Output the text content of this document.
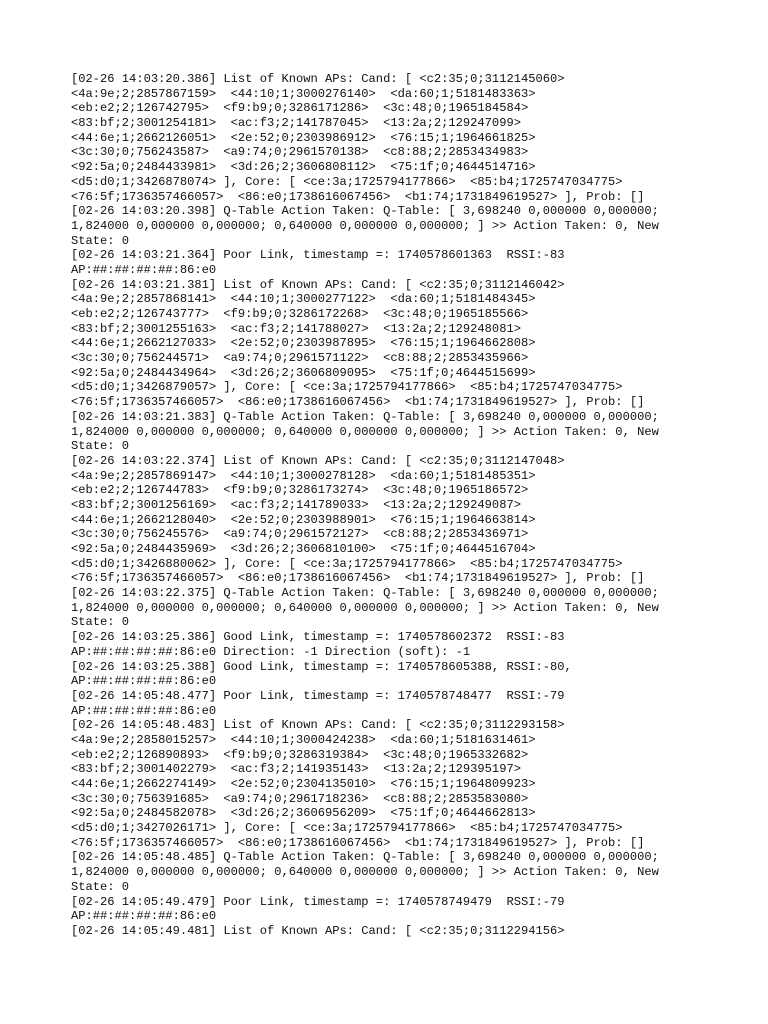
[02-26 14:03:20.386] List of Known APs: Cand: [ <c2:35;0;3112145060>
<4a:9e;2;2857867159>  <44:10;1;3000276140>  <da:60;1;5181483363>
<eb:e2;2;126742795>  <f9:b9;0;3286171286>  <3c:48;0;1965184584>
<83:bf;2;3001254181>  <ac:f3;2;141787045>  <13:2a;2;129247099>
<44:6e;1;2662126051>  <2e:52;0;2303986912>  <76:15;1;1964661825>
<3c:30;0;756243587>  <a9:74;0;2961570138>  <c8:88;2;2853434983>
<92:5a;0;2484433981>  <3d:26;2;3606808112>  <75:1f;0;4644514716>
<d5:d0;1;3426878074> ], Core: [ <ce:3a;1725794177866>  <85:b4;1725747034775>
<76:5f;1736357466057>  <86:e0;1738616067456>  <b1:74;1731849619527> ], Prob: []
[02-26 14:03:20.398] Q-Table Action Taken: Q-Table: [ 3,698240 0,000000 0,000000;
1,824000 0,000000 0,000000; 0,640000 0,000000 0,000000; ] >> Action Taken: 0, New
State: 0
[02-26 14:03:21.364] Poor Link, timestamp =: 1740578601363  RSSI:-83
AP:##:##:##:##:86:e0
[02-26 14:03:21.381] List of Known APs: Cand: [ <c2:35;0;3112146042>
<4a:9e;2;2857868141>  <44:10;1;3000277122>  <da:60;1;5181484345>
<eb:e2;2;126743777>  <f9:b9;0;3286172268>  <3c:48;0;1965185566>
<83:bf;2;3001255163>  <ac:f3;2;141788027>  <13:2a;2;129248081>
<44:6e;1;2662127033>  <2e:52;0;2303987895>  <76:15;1;1964662808>
<3c:30;0;756244571>  <a9:74;0;2961571122>  <c8:88;2;2853435966>
<92:5a;0;2484434964>  <3d:26;2;3606809095>  <75:1f;0;4644515699>
<d5:d0;1;3426879057> ], Core: [ <ce:3a;1725794177866>  <85:b4;1725747034775>
<76:5f;1736357466057>  <86:e0;1738616067456>  <b1:74;1731849619527> ], Prob: []
[02-26 14:03:21.383] Q-Table Action Taken: Q-Table: [ 3,698240 0,000000 0,000000;
1,824000 0,000000 0,000000; 0,640000 0,000000 0,000000; ] >> Action Taken: 0, New
State: 0
[02-26 14:03:22.374] List of Known APs: Cand: [ <c2:35;0;3112147048>
<4a:9e;2;2857869147>  <44:10;1;3000278128>  <da:60;1;5181485351>
<eb:e2;2;126744783>  <f9:b9;0;3286173274>  <3c:48;0;1965186572>
<83:bf;2;3001256169>  <ac:f3;2;141789033>  <13:2a;2;129249087>
<44:6e;1;2662128040>  <2e:52;0;2303988901>  <76:15;1;1964663814>
<3c:30;0;756245576>  <a9:74;0;2961572127>  <c8:88;2;2853436971>
<92:5a;0;2484435969>  <3d:26;2;3606810100>  <75:1f;0;4644516704>
<d5:d0;1;3426880062> ], Core: [ <ce:3a;1725794177866>  <85:b4;1725747034775>
<76:5f;1736357466057>  <86:e0;1738616067456>  <b1:74;1731849619527> ], Prob: []
[02-26 14:03:22.375] Q-Table Action Taken: Q-Table: [ 3,698240 0,000000 0,000000;
1,824000 0,000000 0,000000; 0,640000 0,000000 0,000000; ] >> Action Taken: 0, New
State: 0
[02-26 14:03:25.386] Good Link, timestamp =: 1740578602372  RSSI:-83
AP:##:##:##:##:86:e0 Direction: -1 Direction (soft): -1
[02-26 14:03:25.388] Good Link, timestamp =: 1740578605388, RSSI:-80,
AP:##:##:##:##:86:e0
[02-26 14:05:48.477] Poor Link, timestamp =: 1740578748477  RSSI:-79
AP:##:##:##:##:86:e0
[02-26 14:05:48.483] List of Known APs: Cand: [ <c2:35;0;3112293158>
<4a:9e;2;2858015257>  <44:10;1;3000424238>  <da:60;1;5181631461>
<eb:e2;2;126890893>  <f9:b9;0;3286319384>  <3c:48;0;1965332682>
<83:bf;2;3001402279>  <ac:f3;2;141935143>  <13:2a;2;129395197>
<44:6e;1;2662274149>  <2e:52;0;2304135010>  <76:15;1;1964809923>
<3c:30;0;756391685>  <a9:74;0;2961718236>  <c8:88;2;2853583080>
<92:5a;0;2484582078>  <3d:26;2;3606956209>  <75:1f;0;4644662813>
<d5:d0;1;3427026171> ], Core: [ <ce:3a;1725794177866>  <85:b4;1725747034775>
<76:5f;1736357466057>  <86:e0;1738616067456>  <b1:74;1731849619527> ], Prob: []
[02-26 14:05:48.485] Q-Table Action Taken: Q-Table: [ 3,698240 0,000000 0,000000;
1,824000 0,000000 0,000000; 0,640000 0,000000 0,000000; ] >> Action Taken: 0, New
State: 0
[02-26 14:05:49.479] Poor Link, timestamp =: 1740578749479  RSSI:-79
AP:##:##:##:##:86:e0
[02-26 14:05:49.481] List of Known APs: Cand: [ <c2:35;0;3112294156>
